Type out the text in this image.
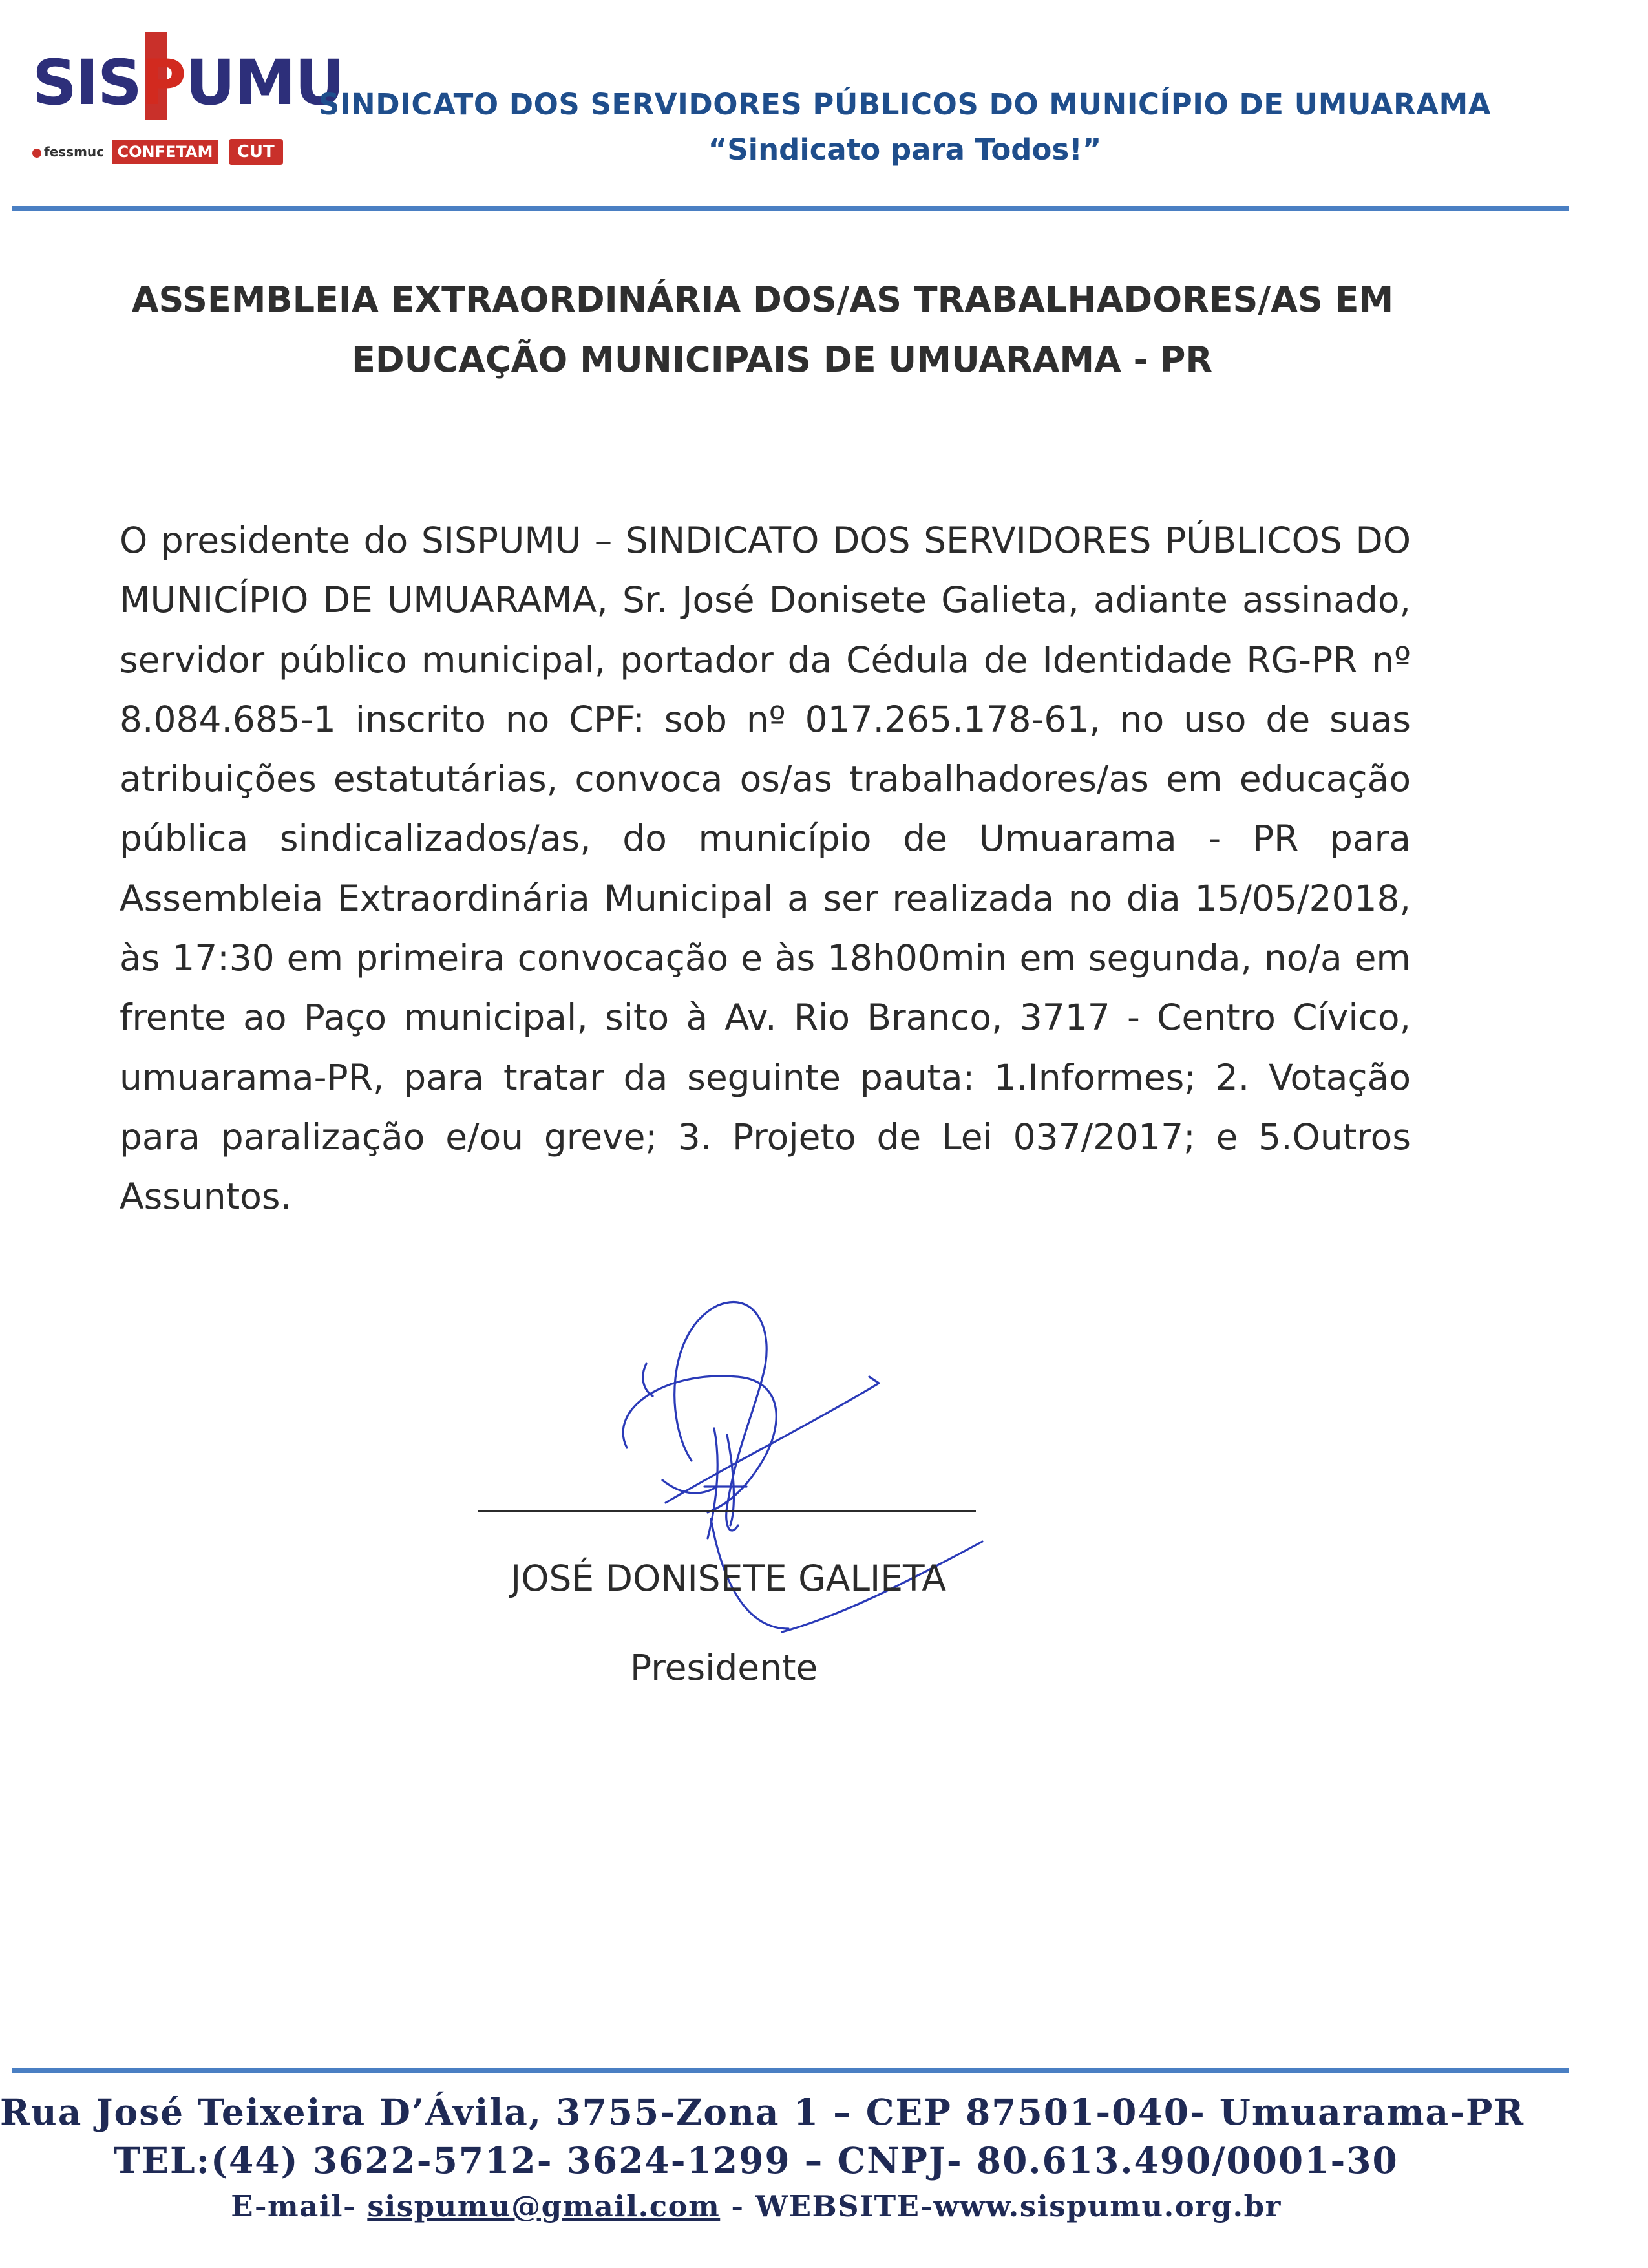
SISPUMU
fessmuc CONFETAM CUT
SINDICATO DOS SERVIDORES PÚBLICOS DO MUNICÍPIO DE UMUARAMA
“Sindicato para Todos!”
ASSEMBLEIA EXTRAORDINÁRIA DOS/AS TRABALHADORES/AS EM
EDUCAÇÃO MUNICIPAIS DE UMUARAMA - PR
O presidente do SISPUMU – SINDICATO DOS SERVIDORES PÚBLICOS DO MUNICÍPIO DE UMUARAMA, Sr. José Donisete Galieta, adiante assinado, servidor público municipal, portador da Cédula de Identidade RG-PR nº 8.084.685-1 inscrito no CPF: sob nº 017.265.178-61, no uso de suas atribuições estatutárias, convoca os/as trabalhadores/as em educação pública sindicalizados/as, do município de Umuarama - PR para Assembleia Extraordinária Municipal a ser realizada no dia 15/05/2018, às 17:30 em primeira convocação e às 18h00min em segunda, no/a em frente ao Paço municipal, sito à Av. Rio Branco, 3717 - Centro Cívico, umuarama-PR, para tratar da seguinte pauta: 1.Informes; 2. Votação para paralização e/ou greve; 3. Projeto de Lei 037/2017; e 5.Outros Assuntos.
JOSÉ DONISETE GALIETA
Presidente
Rua José Teixeira D’Ávila, 3755-Zona 1 – CEP 87501-040- Umuarama-PR
TEL:(44) 3622-5712- 3624-1299 – CNPJ- 80.613.490/0001-30
E-mail- sispumu@gmail.com - WEBSITE-www.sispumu.org.br
